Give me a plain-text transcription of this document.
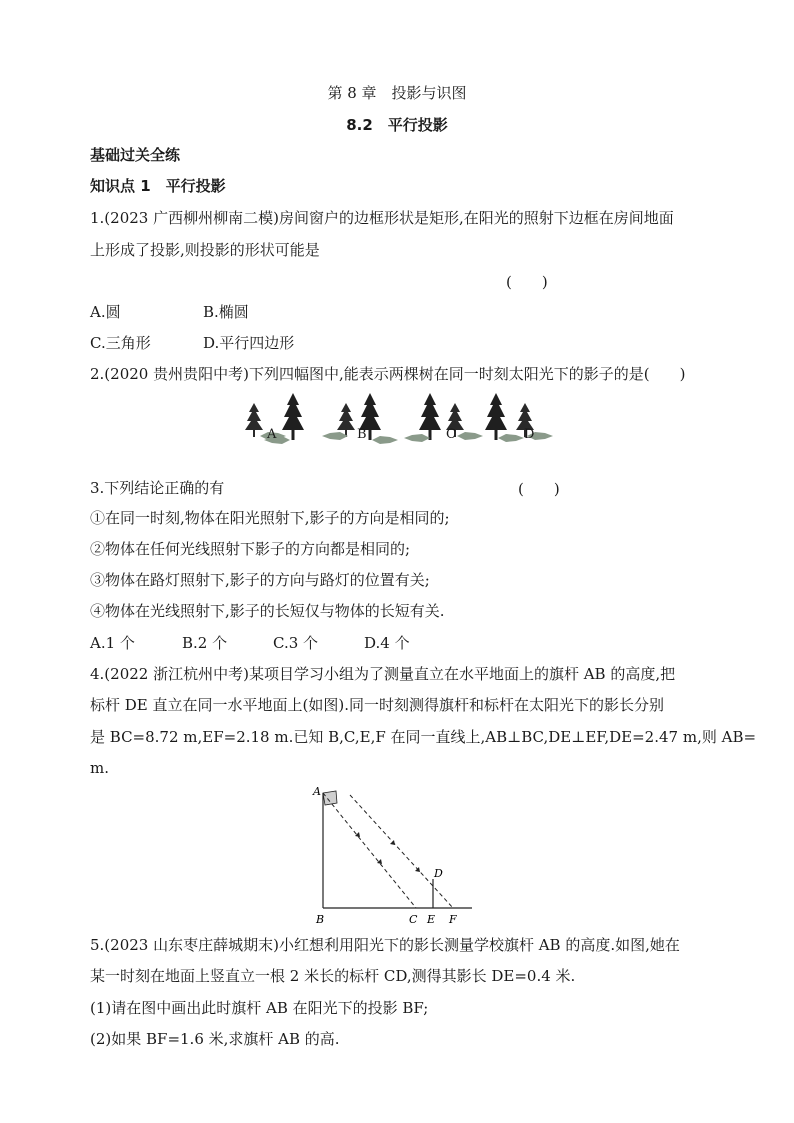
第 8 章　投影与识图
8.2　平行投影
基础过关全练
知识点 1　平行投影
1.(2023 广西柳州柳南二模)房间窗户的边框形状是矩形,在阳光的照射下边框在房间地面
上形成了投影,则投影的形状可能是
(　　)
A.圆	B.椭圆
C.三角形	D.平行四边形
2.(2020 贵州贵阳中考)下列四幅图中,能表示两棵树在同一时刻太阳光下的影子的是(　　)
A	B	C	D
3.下列结论正确的有	(　　)
①在同一时刻,物体在阳光照射下,影子的方向是相同的;
②物体在任何光线照射下影子的方向都是相同的;
③物体在路灯照射下,影子的方向与路灯的位置有关;
④物体在光线照射下,影子的长短仅与物体的长短有关.
A.1 个	B.2 个	C.3 个	D.4 个
4.(2022 浙江杭州中考)某项目学习小组为了测量直立在水平地面上的旗杆 AB 的高度,把
标杆 DE 直立在同一水平地面上(如图).同一时刻测得旗杆和标杆在太阳光下的影长分别
是 BC=8.72 m,EF=2.18 m.已知 B,C,E,F 在同一直线上,AB⊥BC,DE⊥EF,DE=2.47 m,则 AB=
m.
A
B	C
D
E F
5.(2023 山东枣庄薛城期末)小红想利用阳光下的影长测量学校旗杆 AB 的高度.如图,她在
某一时刻在地面上竖直立一根 2 米长的标杆 CD,测得其影长 DE=0.4 米.
(1)请在图中画出此时旗杆 AB 在阳光下的投影 BF;
(2)如果 BF=1.6 米,求旗杆 AB 的高.
